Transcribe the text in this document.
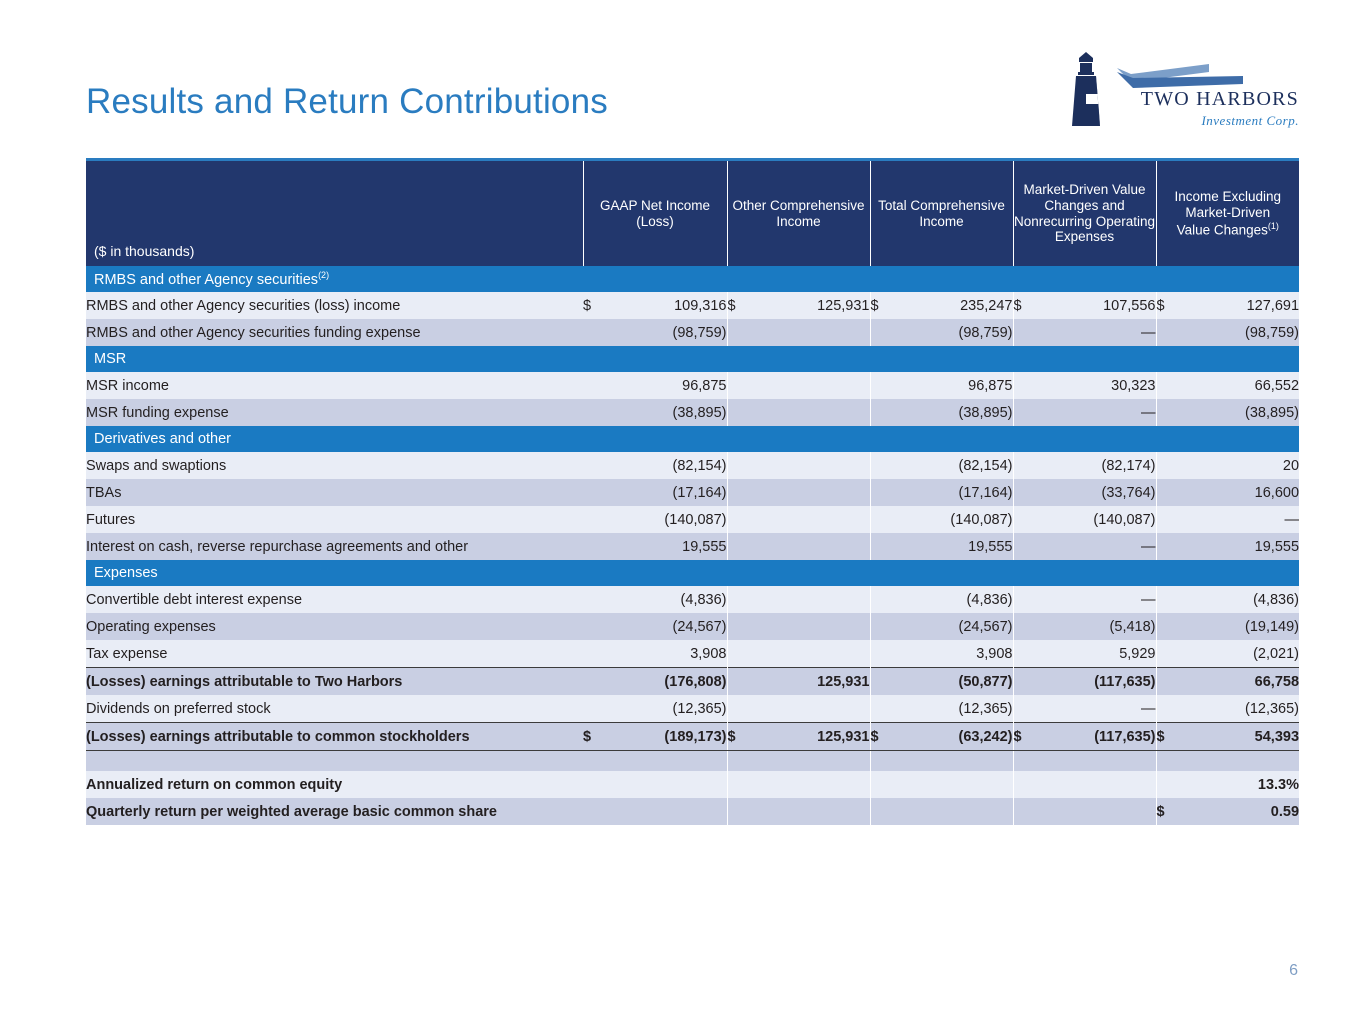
Results and Return Contributions	TWO HARBORS
Investment Corp.
($ in thousands)	GAAP Net Income (Loss)		Other Comprehensive Income		Total Comprehensive Income		Market-Driven Value Changes and Nonrecurring Operating Expenses		Income Excluding Market-Driven
Value Changes$^{(1)}$
RMBS and other Agency securities$^{(2)}$
RMBS and other Agency securities (loss) income	$	109,316	$	125,931	$	235,247	$	107,556	$	127,691
RMBS and other Agency securities funding expense		(98,759)				(98,759)		—		(98,759)
MSR										
MSR income		96,875				96,875		30,323		66,552
MSR funding expense		(38,895)				(38,895)		—		(38,895)
Derivatives and other										
Swaps and swaptions		(82,154)				(82,154)		(82,174)		20
TBAs		(17,164)				(17,164)		(33,764)		16,600
Futures		(140,087)				(140,087)		(140,087)		—
Interest on cash, reverse repurchase agreements and other		19,555				19,555		—		19,555
Expenses										
Convertible debt interest expense		(4,836)				(4,836)		—		(4,836)
Operating expenses		(24,567)				(24,567)		(5,418)		(19,149)
Tax expense		3,908				3,908		5,929		(2,021)
(Losses) earnings attributable to Two Harbors		(176,808)		125,931		(50,877)		(117,635)		66,758
Dividends on preferred stock		(12,365)				(12,365)		—		(12,365)
(Losses) earnings attributable to common stockholders	$	(189,173)	$	125,931	$	(63,242)	$	(117,635)	$	54,393

Annualized return on common equity										13.3%
Quarterly return per weighted average basic common share									$	0.59
6
